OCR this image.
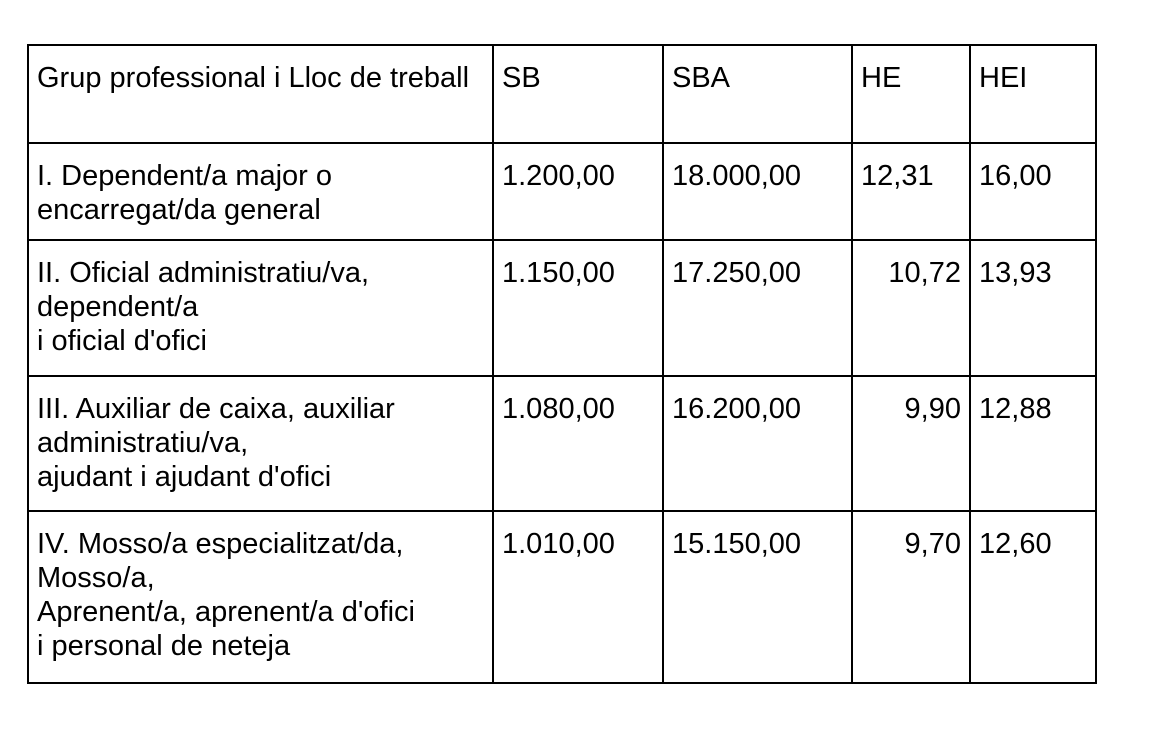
Grup professional i Lloc de treball	SB	SBA	HE	HEI
I. Dependent/a major o
encarregat/da general	1.200,00	18.000,00	12,31	16,00
II. Oficial administratiu/va,
dependent/a
i oficial d'ofici	1.150,00	17.250,00	10,72	13,93
III. Auxiliar de caixa, auxiliar
administratiu/va,
ajudant i ajudant d'ofici	1.080,00	16.200,00	9,90	12,88
IV. Mosso/a especialitzat/da,
Mosso/a,
Aprenent/a, aprenent/a d'ofici
i personal de neteja	1.010,00	15.150,00	9,70	12,60
